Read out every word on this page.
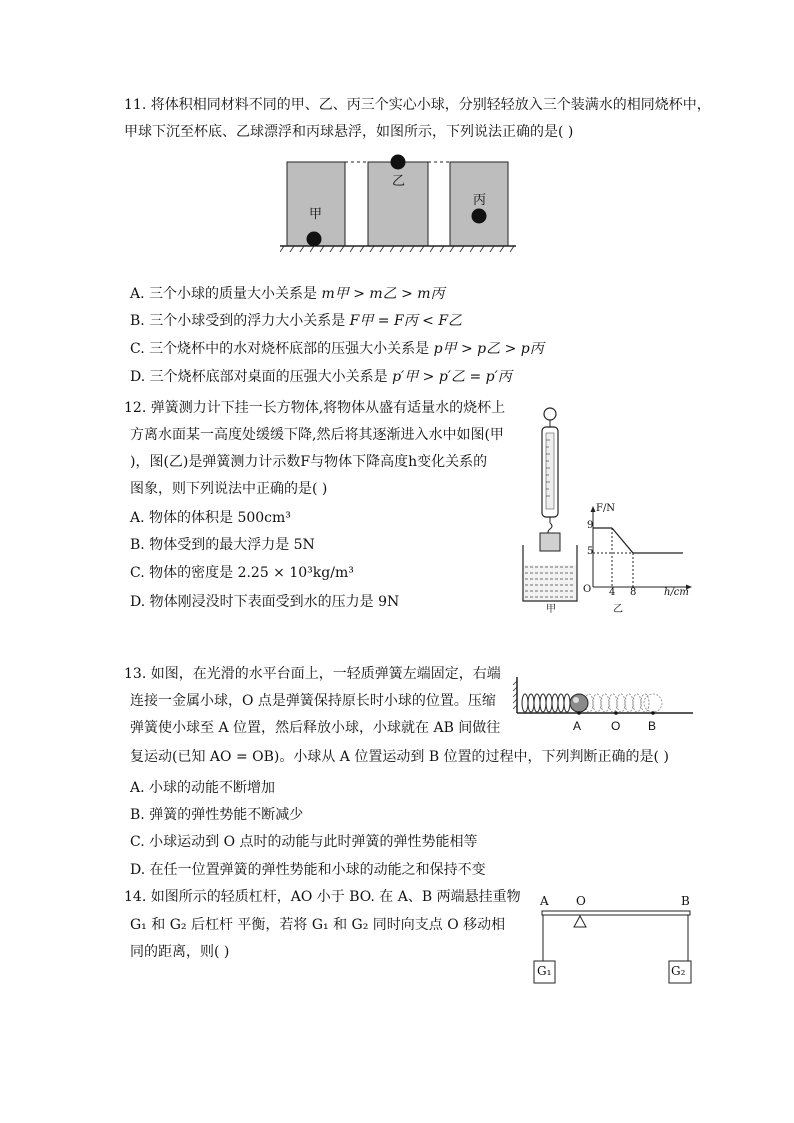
11. 将体积相同材料不同的甲、乙、丙三个实心小球，分别轻轻放入三个装满水的相同烧杯中，
甲球下沉至杯底、乙球漂浮和丙球悬浮，如图所示，下列说法正确的是( )
甲
乙
丙
A. 三个小球的质量大小关系是 m甲 > m乙 > m丙
B. 三个小球受到的浮力大小关系是 F甲 = F丙 < F乙
C. 三个烧杯中的水对烧杯底部的压强大小关系是 p甲 > p乙 > p丙
D. 三个烧杯底部对桌面的压强大小关系是 p′甲 > p′乙 = p′丙
12. 弹簧测力计下挂一长方物体,将物体从盛有适量水的烧杯上
方离水面某一高度处缓缓下降,然后将其逐渐进入水中如图(甲
)，图(乙)是弹簧测力计示数F与物体下降高度h变化关系的
图象，则下列说法中正确的是( )
A. 物体的体积是 500cm³
B. 物体受到的最大浮力是 5N
C. 物体的密度是 2.25 × 10³kg/m³
D. 物体刚浸没时下表面受到水的压力是 9N
F/N
9
5
O 4 8	h/cm
甲	乙
13. 如图，在光滑的水平台面上，一轻质弹簧左端固定，右端
连接一金属小球，O 点是弹簧保持原长时小球的位置。压缩
弹簧使小球至 A 位置，然后释放小球，小球就在 AB 间做往
复运动(已知 AO = OB)。小球从 A 位置运动到 B 位置的过程中，下列判断正确的是( )
A. 小球的动能不断增加
B. 弹簧的弹性势能不断减少
C. 小球运动到 O 点时的动能与此时弹簧的弹性势能相等
D. 在任一位置弹簧的弹性势能和小球的动能之和保持不变
A O B
14. 如图所示的轻质杠杆，AO 小于 BO. 在 A、B 两端悬挂重物
G₁ 和 G₂ 后杠杆 平衡，若将 G₁ 和 G₂ 同时向支点 O 移动相
同的距离，则( )
A O	B
G₁	G₂
